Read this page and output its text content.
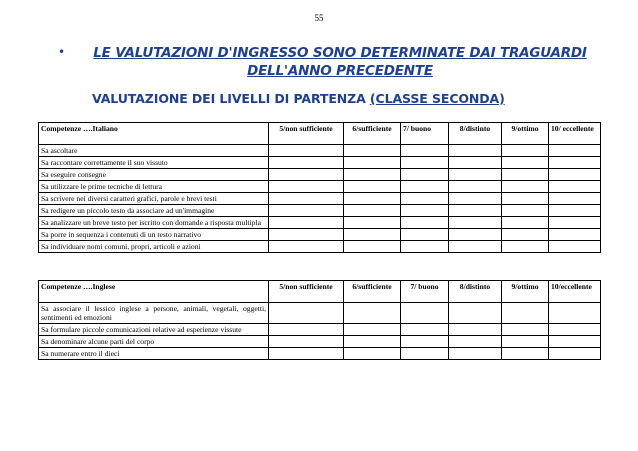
55
•	LE VALUTAZIONI D'INGRESSO SONO DETERMINATE DAI TRAGUARDI DELL'ANNO PRECEDENTE
VALUTAZIONE DEI LIVELLI DI PARTENZA (CLASSE SECONDA)
Competenze ….Italiano	5/non sufficiente	6/sufficiente	7/ buono	8/distinto	9/ottimo	10/ eccellente
Sa ascoltare						
Sa raccontare correttamente il suo vissuto						
Sa eseguire consegne						
Sa utilizzare le prime tecniche di lettura						
Sa scrivere nei diversi caratteri grafici, parole e brevi testi						
Sa redigere un piccolo testo da associare ad un'immagine						
Sa analizzare un breve testo per iscritto con domande a risposta multipla						
Sa porre in sequenza i contenuti di un testo narrativo						
Sa individuare nomi comuni, propri, articoli e azioni						
Competenze ….Inglese	5/non sufficiente	6/sufficiente	7/ buono	8/distinto	9/ottimo	10/eccellente
Sa associare il lessico inglese a persone, animali, vegetali, oggetti, sentimenti ed emozioni						
Sa formulare piccole comunicazioni relative ad esperienze vissute						
Sa denominare alcune parti del corpo						
Sa numerare entro il dieci						
